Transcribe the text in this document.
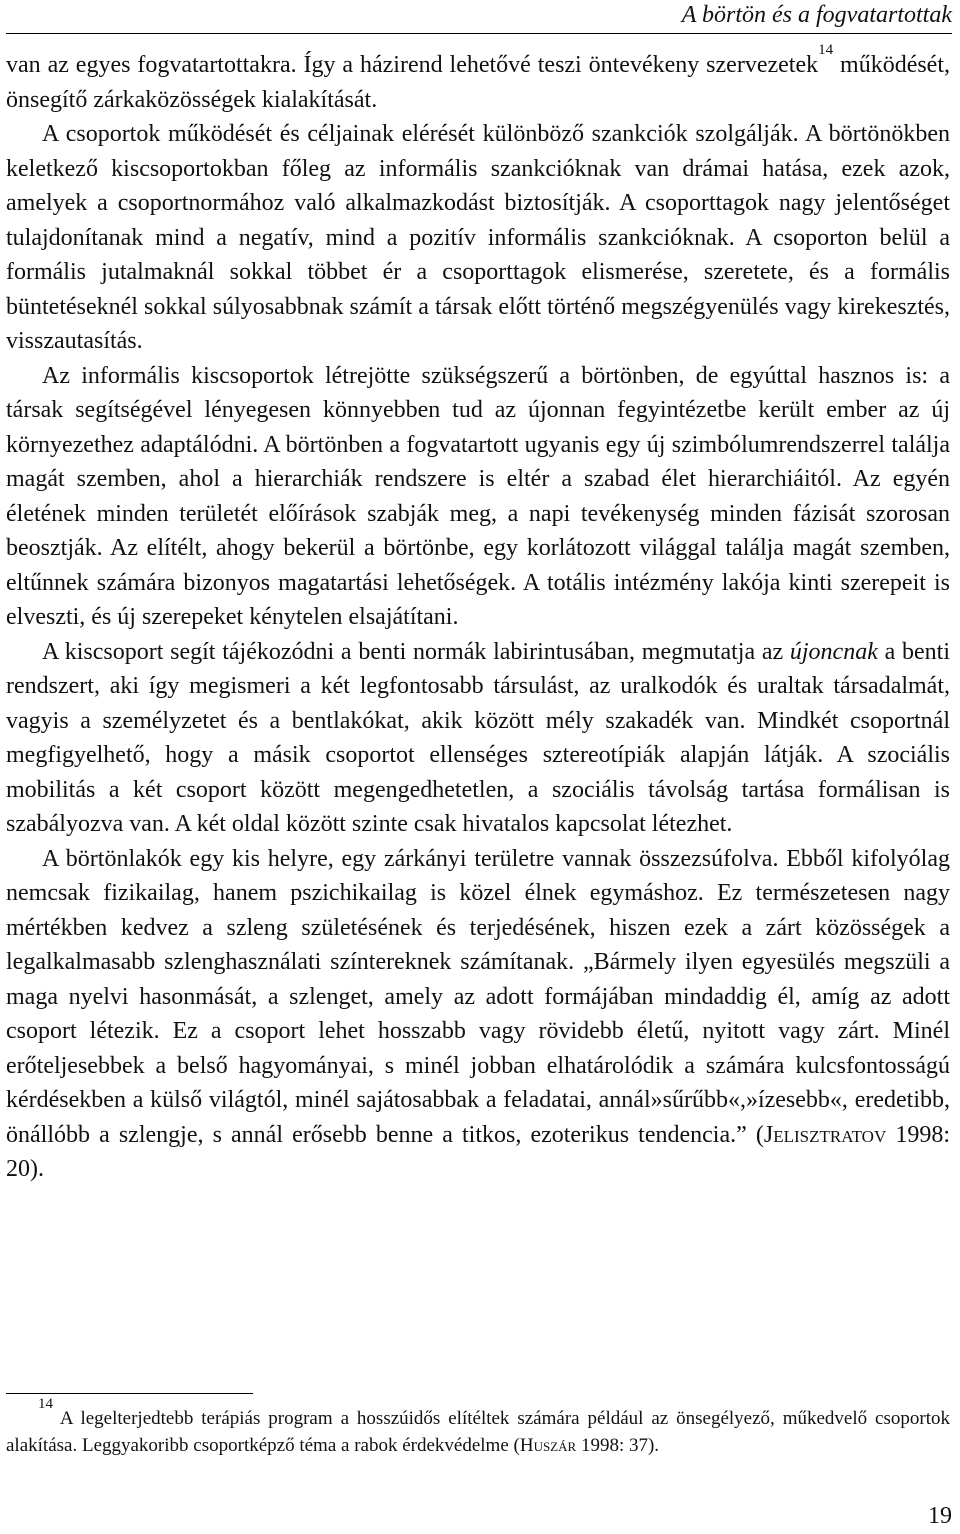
A börtön és a fogvatartottak

van az egyes fogvatartottakra. Így a házirend lehetővé teszi öntevékeny szervezetek$^{14}$ működését, önsegítő zárkaközösségek kialakítását.

A csoportok működését és céljainak elérését különböző szankciók szolgálják. A börtönökben keletkező kiscsoportokban főleg az informális szankcióknak van drámai hatása, ezek azok, amelyek a csoportnormához való alkalmazkodást biztosítják. A csoporttagok nagy jelentőséget tulajdonítanak mind a negatív, mind a pozitív informális szankcióknak. A csoporton belül a formális jutalmaknál sokkal többet ér a csoporttagok elismerése, szeretete, és a formális büntetéseknél sokkal súlyosabbnak számít a társak előtt történő megszégyenülés vagy kirekesztés, visszautasítás.

Az informális kiscsoportok létrejötte szükségszerű a börtönben, de egyúttal hasznos is: a társak segítségével lényegesen könnyebben tud az újonnan fegyintézetbe került ember az új környezethez adaptálódni. A börtönben a fogvatartott ugyanis egy új szimbólumrendszerrel találja magát szemben, ahol a hierarchiák rendszere is eltér a szabad élet hierarchiáitól. Az egyén életének minden területét előírások szabják meg, a napi tevékenység minden fázisát szorosan beosztják. Az elítélt, ahogy bekerül a börtönbe, egy korlátozott világgal találja magát szemben, eltűnnek számára bizonyos magatartási lehetőségek. A totális intézmény lakója kinti szerepeit is elveszti, és új szerepeket kénytelen elsajátítani.

A kiscsoport segít tájékozódni a benti normák labirintusában, megmutatja az újoncnak a benti rendszert, aki így megismeri a két legfontosabb társulást, az uralkodók és uraltak társadalmát, vagyis a személyzetet és a bentlakókat, akik között mély szakadék van. Mindkét csoportnál megfigyelhető, hogy a másik csoportot ellenséges sztereotípiák alapján látják. A szociális mobilitás a két csoport között megengedhetetlen, a szociális távolság tartása formálisan is szabályozva van. A két oldal között szinte csak hivatalos kapcsolat létezhet.

A börtönlakók egy kis helyre, egy zárkányi területre vannak összezsúfolva. Ebből kifolyólag nemcsak fizikailag, hanem pszichikailag is közel élnek egymáshoz. Ez természetesen nagy mértékben kedvez a szleng születésének és terjedésének, hiszen ezek a zárt közösségek a legalkalmasabb szlenghasználati színtereknek számítanak. „Bármely ilyen egyesülés megszüli a maga nyelvi hasonmását, a szlenget, amely az adott formájában mindaddig él, amíg az adott csoport létezik. Ez a csoport lehet hosszabb vagy rövidebb életű, nyitott vagy zárt. Minél erőteljesebbek a belső hagyományai, s minél jobban elhatárolódik a számára kulcsfontosságú kérdésekben a külső világtól, minél sajátosabbak a feladatai, annál»sűrűbb«,»ízesebb«, eredetibb, önállóbb a szlengje, s annál erősebb benne a titkos, ezoterikus tendencia.” (Jelisztratov 1998: 20).

$^{14}$ A legelterjedtebb terápiás program a hosszúidős elítéltek számára például az önsegélyező, műkedvelő csoportok alakítása. Leggyakoribb csoportképző téma a rabok érdekvédelme (Huszár 1998: 37).

19
